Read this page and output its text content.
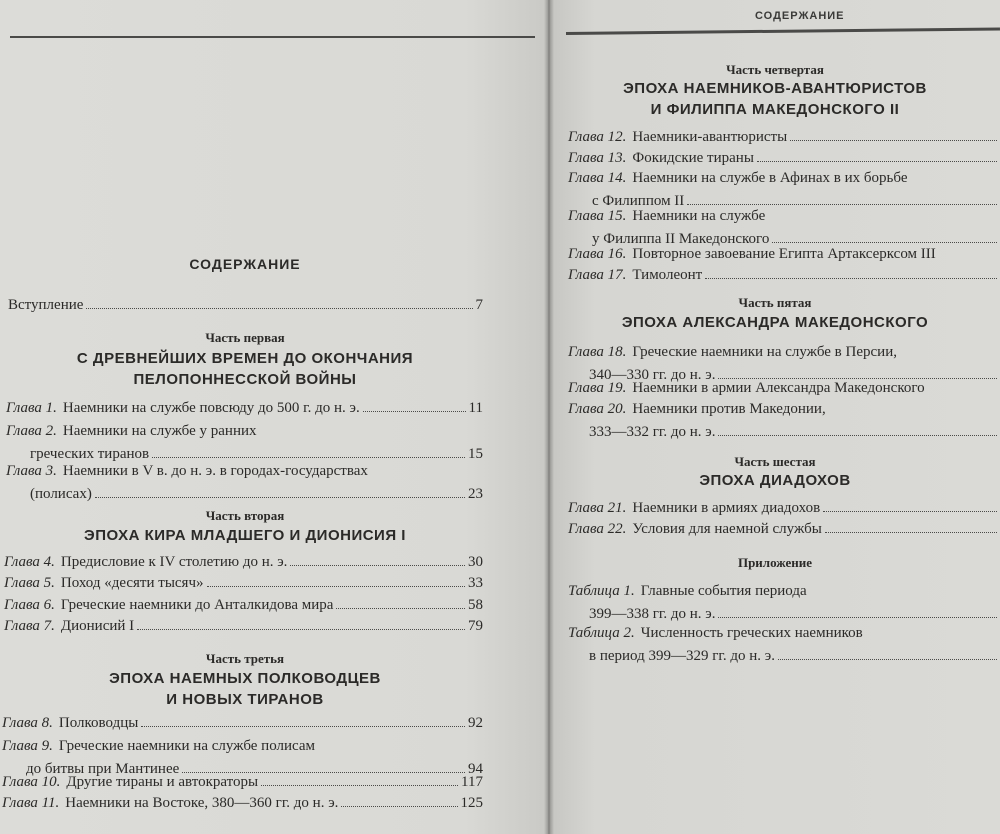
СОДЕРЖАНИЕ
Вступление	7
Часть первая
С ДРЕВНЕЙШИХ ВРЕМЕН ДО ОКОНЧАНИЯ
ПЕЛОПОННЕССКОЙ ВОЙНЫ
Глава 1. Наемники на службе повсюду до 500 г. до н. э.	11
Глава 2. Наемники на службе у ранних
греческих тиранов	15
Глава 3. Наемники в V в. до н. э. в городах-государствах
(полисах)	23
Часть вторая
ЭПОХА КИРА МЛАДШЕГО И ДИОНИСИЯ I
Глава 4. Предисловие к IV столетию до н. э.	30
Глава 5. Поход «десяти тысяч»	33
Глава 6. Греческие наемники до Анталкидова мира	58
Глава 7. Дионисий I	79
Часть третья
ЭПОХА НАЕМНЫХ ПОЛКОВОДЦЕВ
И НОВЫХ ТИРАНОВ
Глава 8. Полководцы	92
Глава 9. Греческие наемники на службе полисам
до битвы при Мантинее	94
Глава 10. Другие тираны и автократоры	117
Глава 11. Наемники на Востоке, 380—360 гг. до н. э.	125
СОДЕРЖАНИЕ
Часть четвертая
ЭПОХА НАЕМНИКОВ-АВАНТЮРИСТОВ
И ФИЛИППА МАКЕДОНСКОГО II
Глава 12. Наемники-авантюристы
Глава 13. Фокидские тираны
Глава 14. Наемники на службе в Афинах в их борьбе
с Филиппом II
Глава 15. Наемники на службе
у Филиппа II Македонского
Глава 16. Повторное завоевание Египта Артаксерксом III
Глава 17. Тимолеонт
Часть пятая
ЭПОХА АЛЕКСАНДРА МАКЕДОНСКОГО
Глава 18. Греческие наемники на службе в Персии,
340—330 гг. до н. э.
Глава 19. Наемники в армии Александра Македонского
Глава 20. Наемники против Македонии,
333—332 гг. до н. э.
Часть шестая
ЭПОХА ДИАДОХОВ
Глава 21. Наемники в армиях диадохов
Глава 22. Условия для наемной службы
Приложение
Таблица 1. Главные события периода
399—338 гг. до н. э.
Таблица 2. Численность греческих наемников
в период 399—329 гг. до н. э.
